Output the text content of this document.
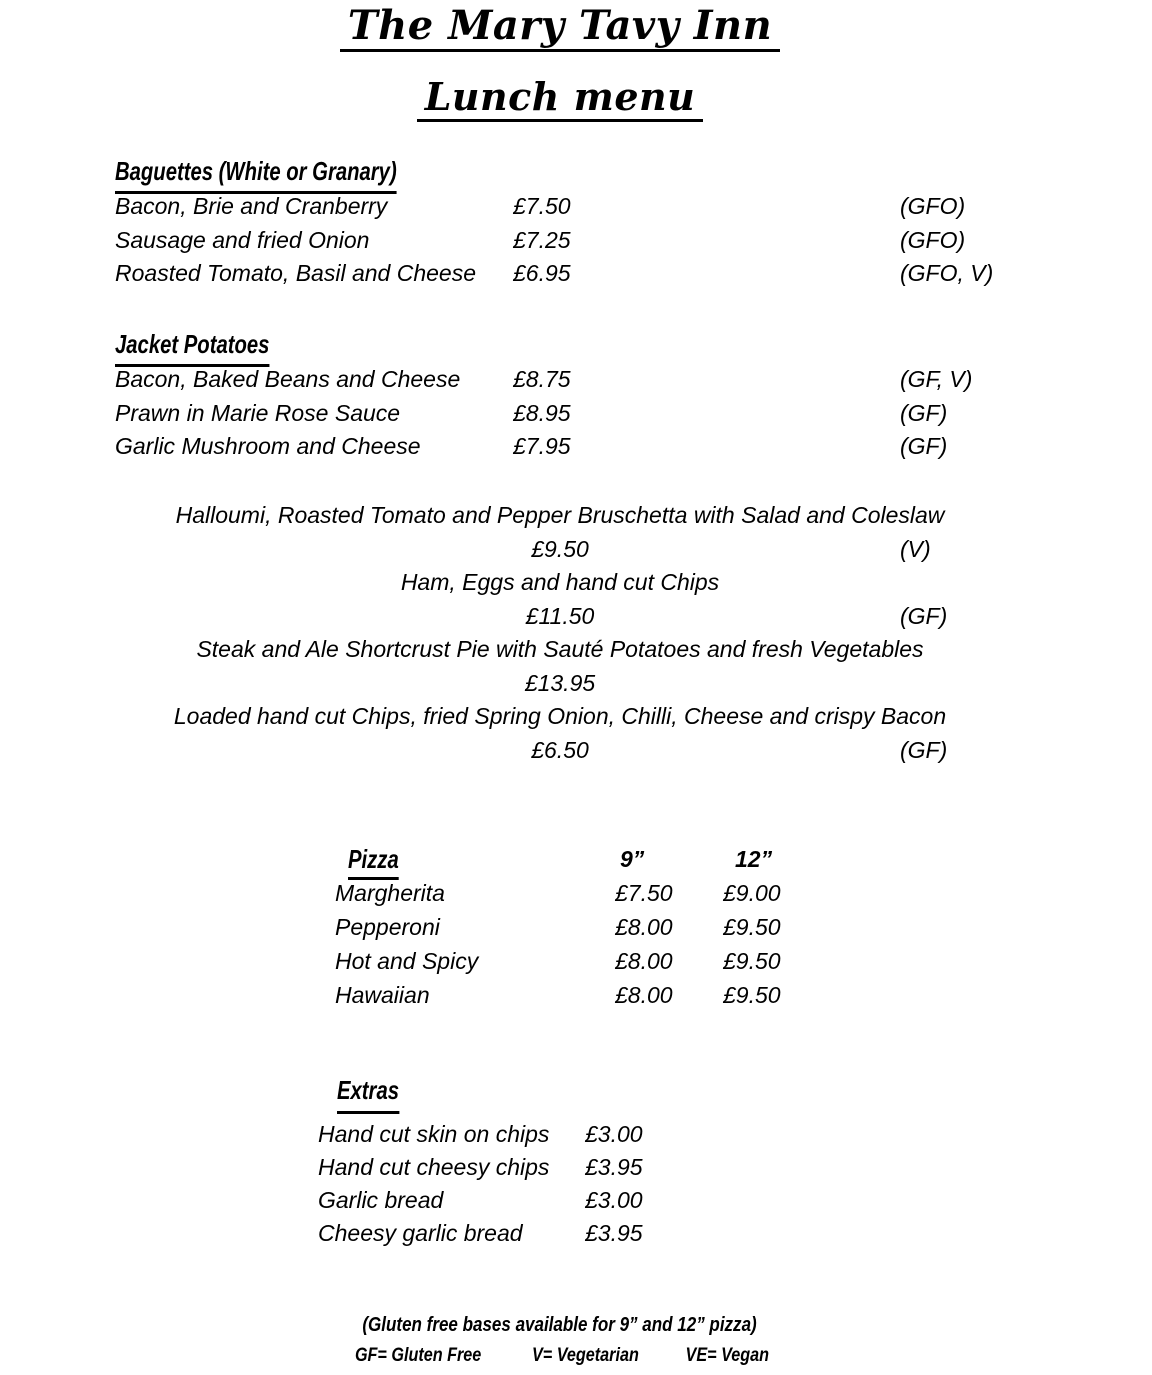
The Mary Tavy Inn
Lunch menu
Baguettes (White or Granary)
Bacon, Brie and Cranberry	£7.50	(GFO)
Sausage and fried Onion	£7.25	(GFO)
Roasted Tomato, Basil and Cheese	£6.95	(GFO, V)
Jacket Potatoes
Bacon, Baked Beans and Cheese	£8.75	(GF, V)
Prawn in Marie Rose Sauce	£8.95	(GF)
Garlic Mushroom and Cheese	£7.95	(GF)
Halloumi, Roasted Tomato and Pepper Bruschetta with Salad and Coleslaw
£9.50	(V)
Ham, Eggs and hand cut Chips
£11.50	(GF)
Steak and Ale Shortcrust Pie with Sauté Potatoes and fresh Vegetables
£13.95
Loaded hand cut Chips, fried Spring Onion, Chilli, Cheese and crispy Bacon
£6.50	(GF)
Pizza	9”	12”
Margherita	£7.50	£9.00
Pepperoni	£8.00	£9.50
Hot and Spicy	£8.00	£9.50
Hawaiian	£8.00	£9.50
Extras
Hand cut skin on chips	£3.00
Hand cut cheesy chips	£3.95
Garlic bread	£3.00
Cheesy garlic bread	£3.95
(Gluten free bases available for 9” and 12” pizza)
GF= Gluten Free	V= Vegetarian VE= Vegan
